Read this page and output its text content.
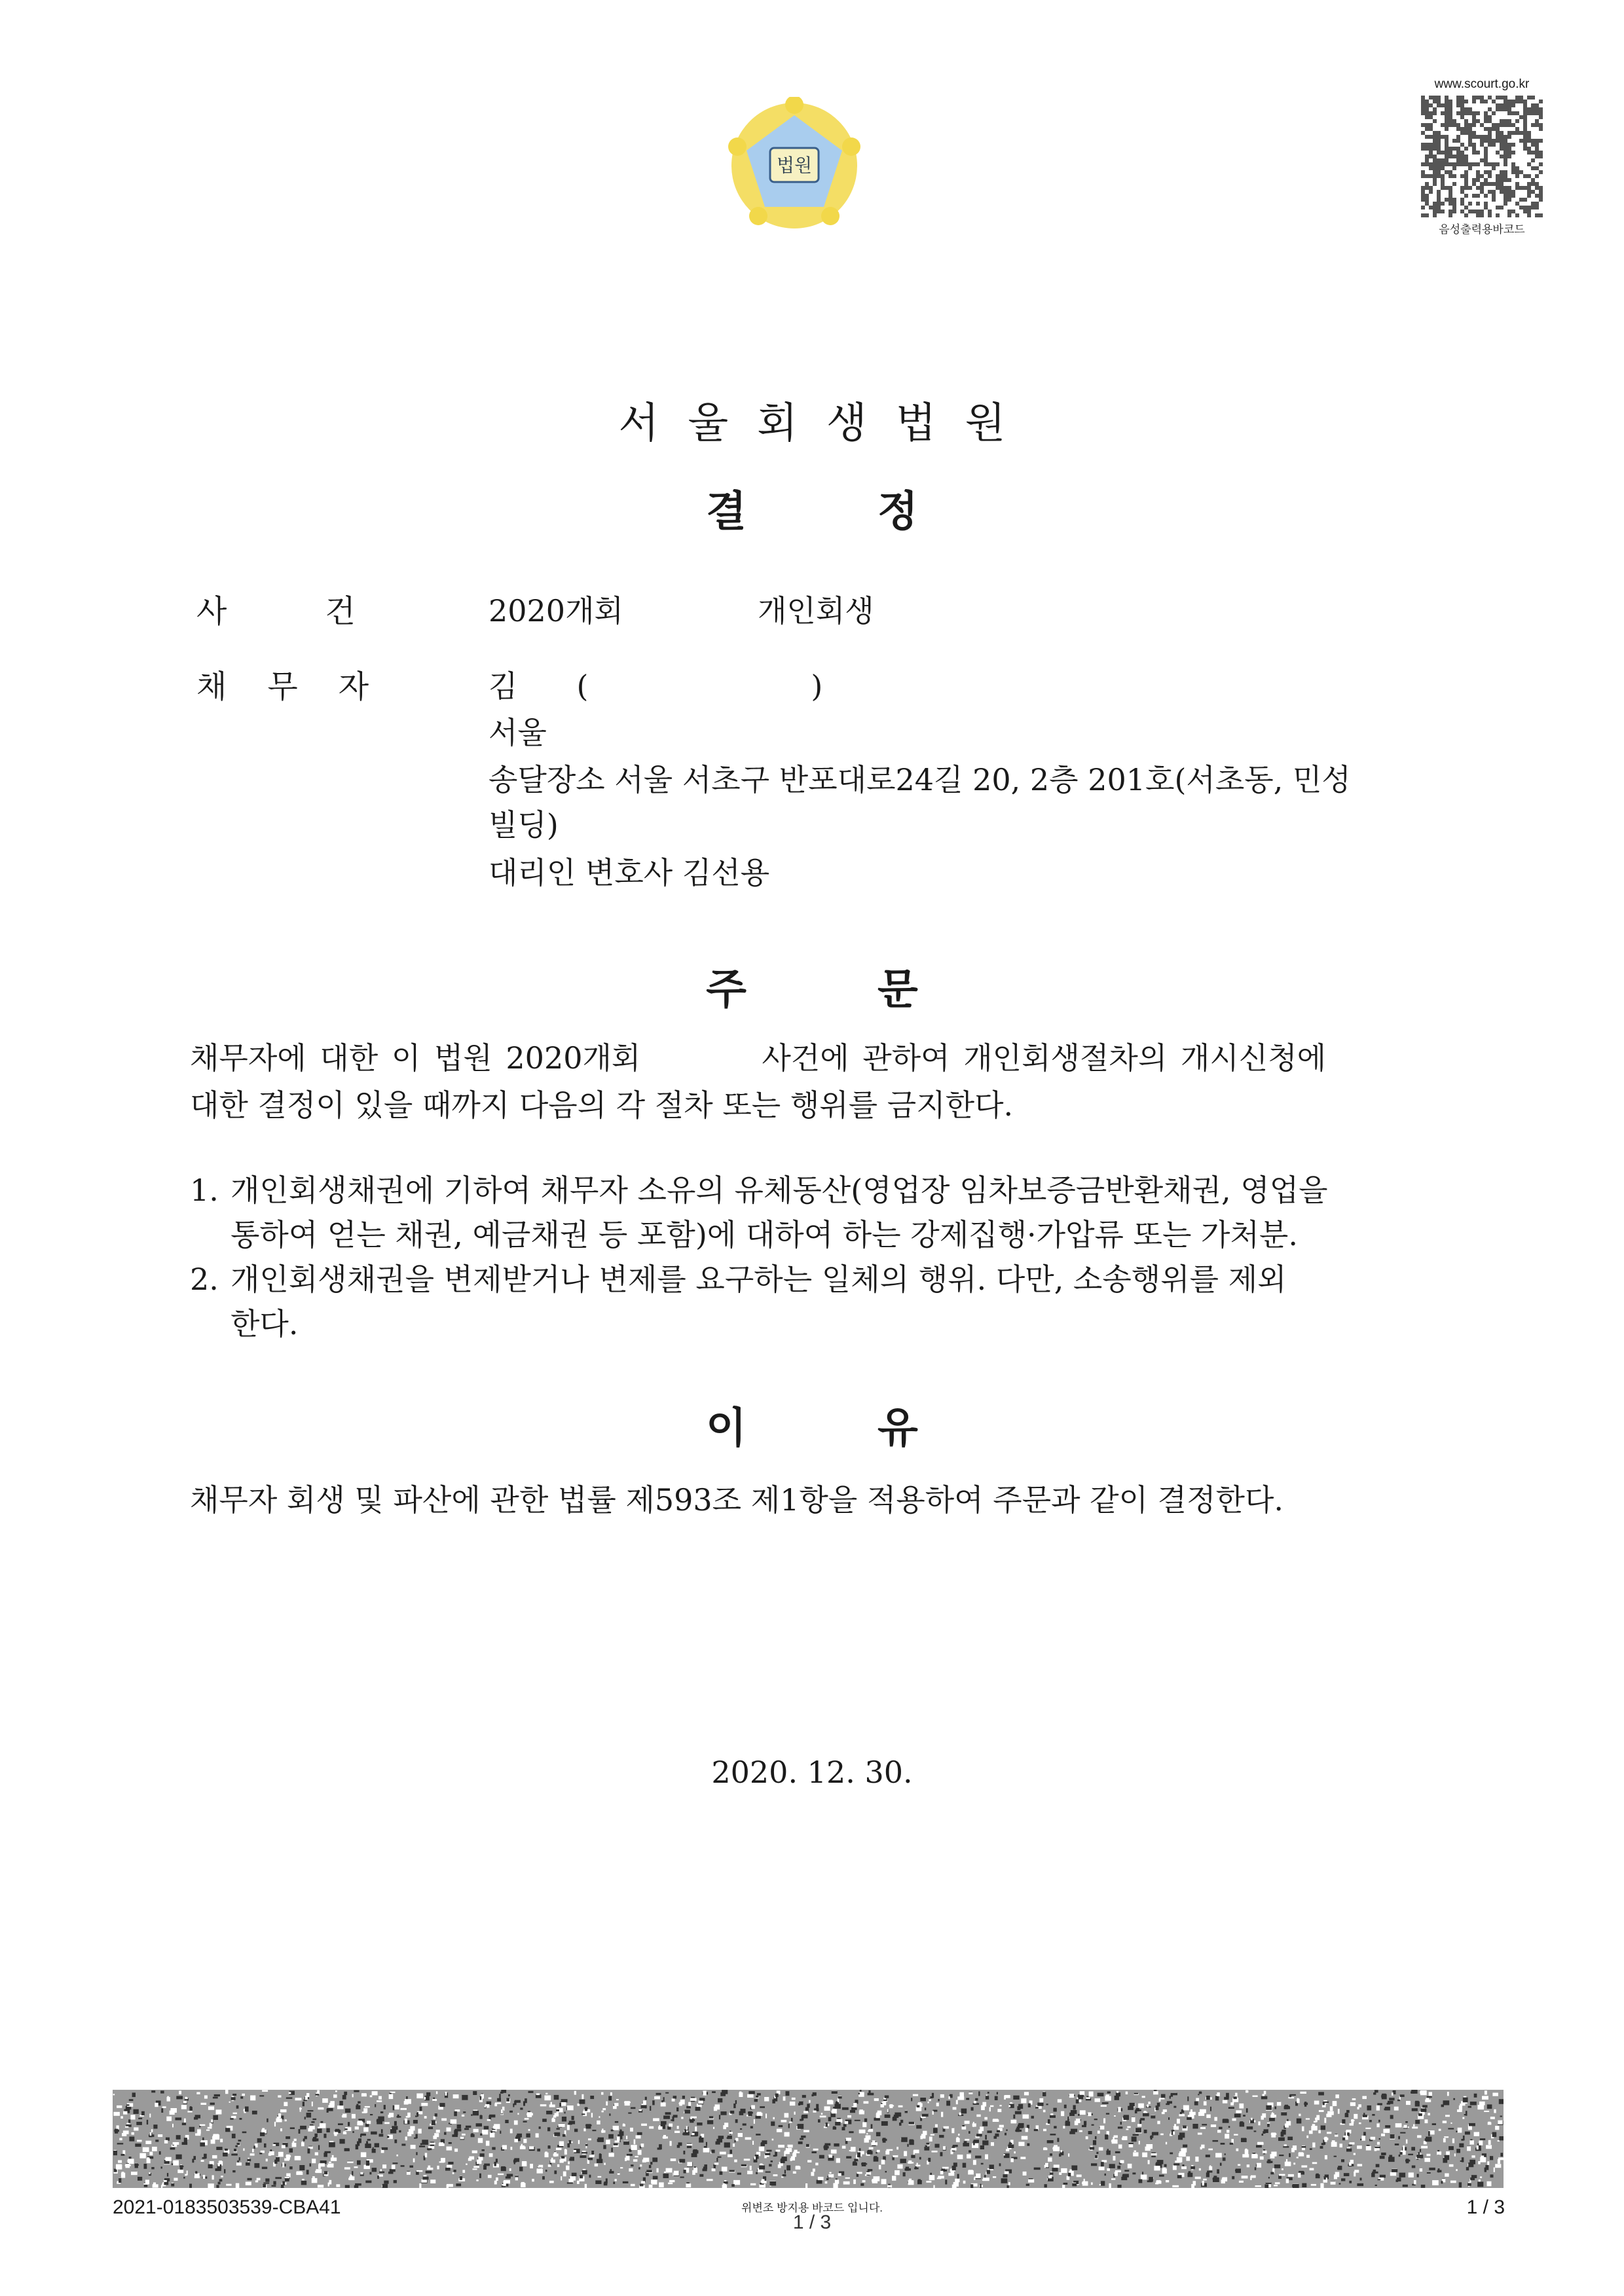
법원
www.scourt.go.kr
음성출력용바코드
서울회생법원
결정
사건 2020개회	개인회생
채무자	김 (	)
서울
송달장소 서울 서초구 반포대로24길 20, 2층 201호(서초동, 민성
빌딩)
대리인 변호사 김선용
주문
채무자에 대한 이 법원 2020개회	사건에 관하여 개인회생절차의 개시신청에
대한 결정이 있을 때까지 다음의 각 절차 또는 행위를 금지한다.
1. 개인회생채권에 기하여 채무자 소유의 유체동산(영업장 임차보증금반환채권, 영업을
통하여 얻는 채권, 예금채권 등 포함)에 대하여 하는 강제집행·가압류 또는 가처분.
2. 개인회생채권을 변제받거나 변제를 요구하는 일체의 행위. 다만, 소송행위를 제외
한다.
이유
채무자 회생 및 파산에 관한 법률 제593조 제1항을 적용하여 주문과 같이 결정한다.
2020. 12. 30.
2021-0183503539-CBA41	위변조 방지용 바코드 입니다.
1 / 3
1 / 3
